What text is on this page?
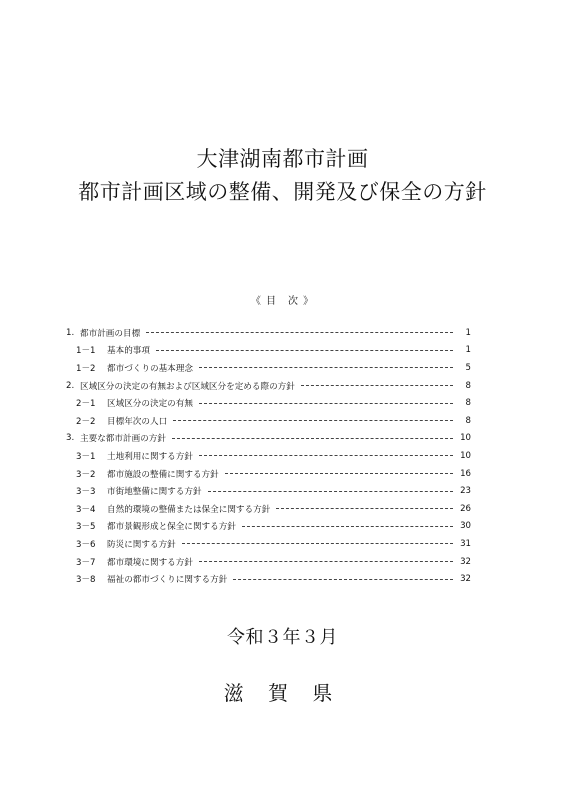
大津湖南都市計画
都市計画区域の整備、開発及び保全の方針
《 目　次 》
1. 都市計画の目標	1
1－1	基本的事項	1
1－2	都市づくりの基本理念	5
2. 区域区分の決定の有無および区域区分を定める際の方針	8
2－1	区域区分の決定の有無	8
2－2	目標年次の人口	8
3. 主要な都市計画の方針	10
3－1	土地利用に関する方針	10
3－2	都市施設の整備に関する方針	16
3－3	市街地整備に関する方針	23
3－4	自然的環境の整備または保全に関する方針	26
3－5	都市景観形成と保全に関する方針	30
3－6	防災に関する方針	31
3－7	都市環境に関する方針	32
3－8	福祉の都市づくりに関する方針	32
令和３年３月
滋 賀 県
